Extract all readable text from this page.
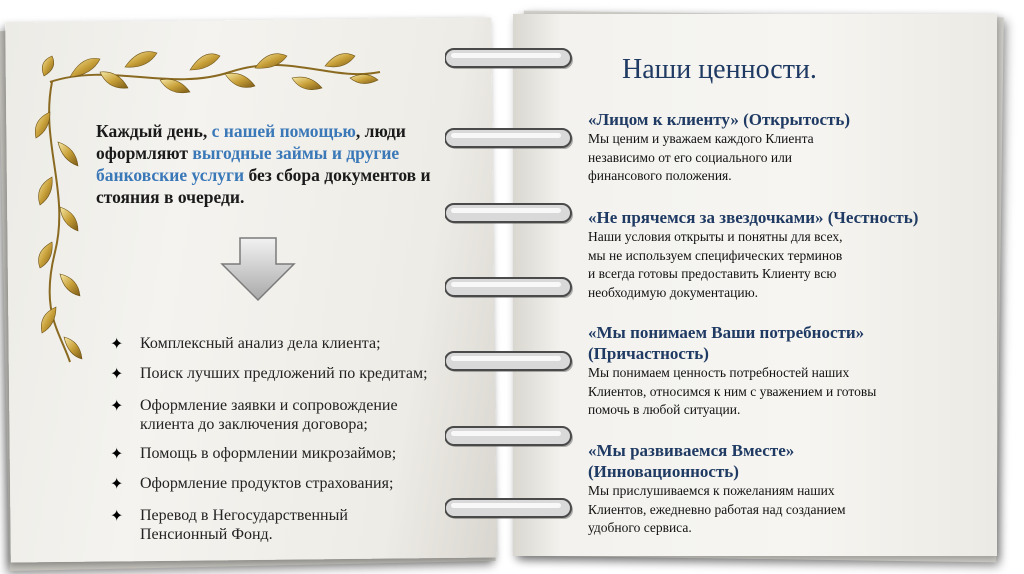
Каждый день, с нашей помощью, люди оформляют выгодные займы и другие банковские услуги без сбора документов и стояния в очереди.
✦ Комплексный анализ дела клиента;
✦ Поиск лучших предложений по кредитам;
✦ Оформление заявки и сопровождение
клиента до заключения договора;
✦ Помощь в оформлении микрозаймов;
✦ Оформление продуктов страхования;
✦ Перевод в Негосударственный
Пенсионный Фонд.
Наши ценности.
«Лицом к клиенту» (Открытость)
Мы ценим и уважаем каждого Клиента
независимо от его социального или
финансового положения.
«Не прячемся за звездочками» (Честность)
Наши условия открыты и понятны для всех,
мы не используем специфических терминов
и всегда готовы предоставить Клиенту всю
необходимую документацию.
«Мы понимаем Ваши потребности»
(Причастность)
Мы понимаем ценность потребностей наших
Клиентов, относимся к ним с уважением и готовы
помочь в любой ситуации.
«Мы развиваемся Вместе»
(Инновационность)
Мы прислушиваемся к пожеланиям наших
Клиентов, ежедневно работая над созданием
удобного сервиса.
